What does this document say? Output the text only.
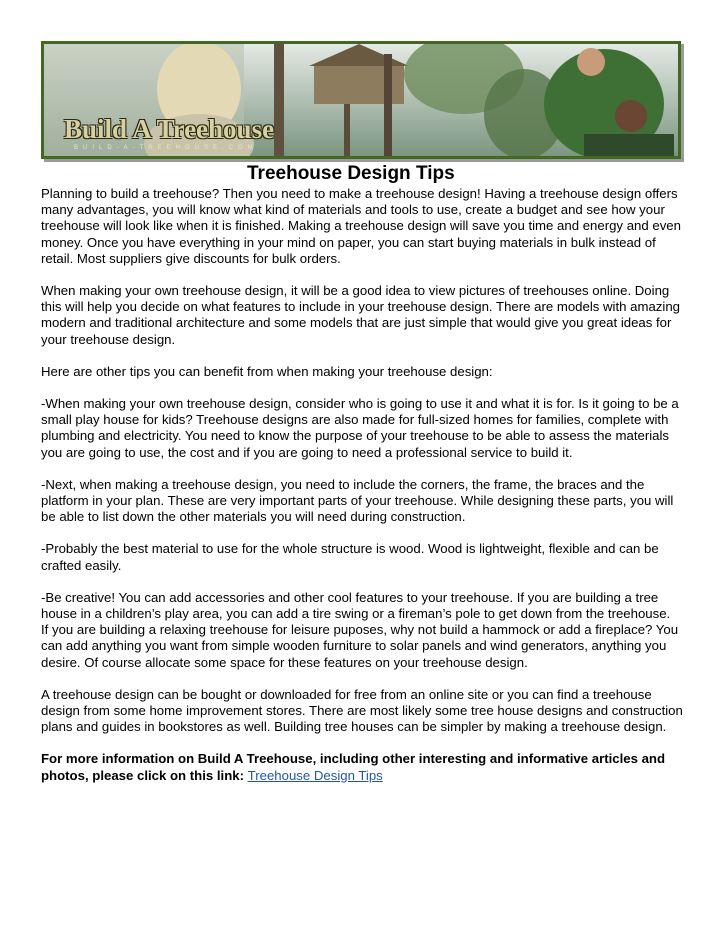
Build A Treehouse
BUILD-A-TREEHOUSE.COM
Treehouse Design Tips

Planning to build a treehouse? Then you need to make a treehouse design! Having a treehouse design offers
many advantages, you will know what kind of materials and tools to use, create a budget and see how your
treehouse will look like when it is finished. Making a treehouse design will save you time and energy and even
money. Once you have everything in your mind on paper, you can start buying materials in bulk instead of
retail. Most suppliers give discounts for bulk orders.

When making your own treehouse design, it will be a good idea to view pictures of treehouses online. Doing
this will help you decide on what features to include in your treehouse design. There are models with amazing
modern and traditional architecture and some models that are just simple that would give you great ideas for
your treehouse design.

Here are other tips you can benefit from when making your treehouse design:

-When making your own treehouse design, consider who is going to use it and what it is for. Is it going to be a
small play house for kids? Treehouse designs are also made for full-sized homes for families, complete with
plumbing and electricity. You need to know the purpose of your treehouse to be able to assess the materials
you are going to use, the cost and if you are going to need a professional service to build it.

-Next, when making a treehouse design, you need to include the corners, the frame, the braces and the
platform in your plan. These are very important parts of your treehouse. While designing these parts, you will
be able to list down the other materials you will need during construction.

-Probably the best material to use for the whole structure is wood. Wood is lightweight, flexible and can be
crafted easily.

-Be creative! You can add accessories and other cool features to your treehouse. If you are building a tree
house in a children’s play area, you can add a tire swing or a fireman’s pole to get down from the treehouse.
If you are building a relaxing treehouse for leisure puposes, why not build a hammock or add a fireplace? You
can add anything you want from simple wooden furniture to solar panels and wind generators, anything you
desire. Of course allocate some space for these features on your treehouse design.

A treehouse design can be bought or downloaded for free from an online site or you can find a treehouse
design from some home improvement stores. There are most likely some tree house designs and construction
plans and guides in bookstores as well. Building tree houses can be simpler by making a treehouse design.

For more information on Build A Treehouse, including other interesting and informative articles and
photos, please click on this link: Treehouse Design Tips
